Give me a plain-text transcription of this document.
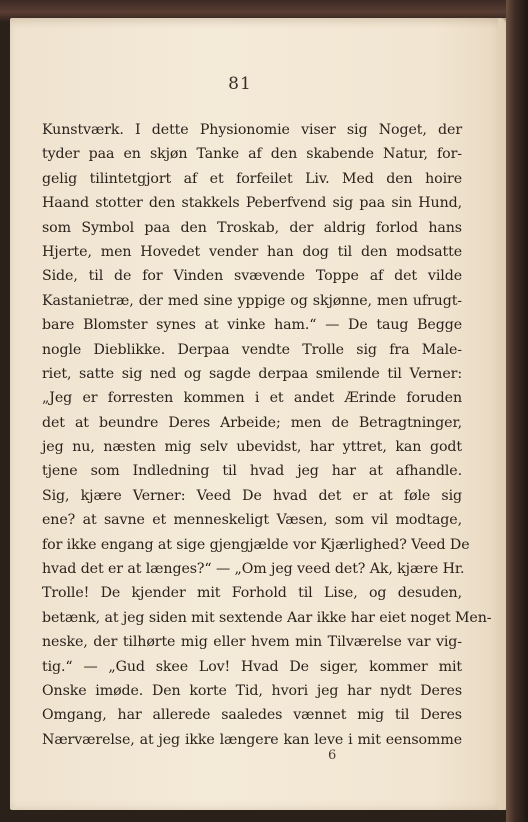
81
Kunstværk. I dette Physionomie viser sig Noget, der
tyder paa en skjøn Tanke af den skabende Natur, for-
gelig tilintetgjort af et forfeilet Liv. Med den hoire
Haand stotter den stakkels Peberfvend sig paa sin Hund,
som Symbol paa den Troskab, der aldrig forlod hans
Hjerte, men Hovedet vender han dog til den modsatte
Side, til de for Vinden svævende Toppe af det vilde
Kastanietræ, der med sine yppige og skjønne, men ufrugt-
bare Blomster synes at vinke ham.“ — De taug Begge
nogle Dieblikke. Derpaa vendte Trolle sig fra Male-
riet, satte sig ned og sagde derpaa smilende til Verner:
„Jeg er forresten kommen i et andet Ærinde foruden
det at beundre Deres Arbeide; men de Betragtninger,
jeg nu, næsten mig selv ubevidst, har yttret, kan godt
tjene som Indledning til hvad jeg har at afhandle.
Sig, kjære Verner: Veed De hvad det er at føle sig
ene? at savne et menneskeligt Væsen, som vil modtage,
for ikke engang at sige gjengjælde vor Kjærlighed? Veed De
hvad det er at længes?“ — „Om jeg veed det? Ak, kjære Hr.
Trolle! De kjender mit Forhold til Lise, og desuden,
betænk, at jeg siden mit sextende Aar ikke har eiet noget Men-
neske, der tilhørte mig eller hvem min Tilværelse var vig-
tig.“ — „Gud skee Lov! Hvad De siger, kommer mit
Onske imøde. Den korte Tid, hvori jeg har nydt Deres
Omgang, har allerede saaledes vænnet mig til Deres
Nærværelse, at jeg ikke længere kan leve i mit eensomme
6
